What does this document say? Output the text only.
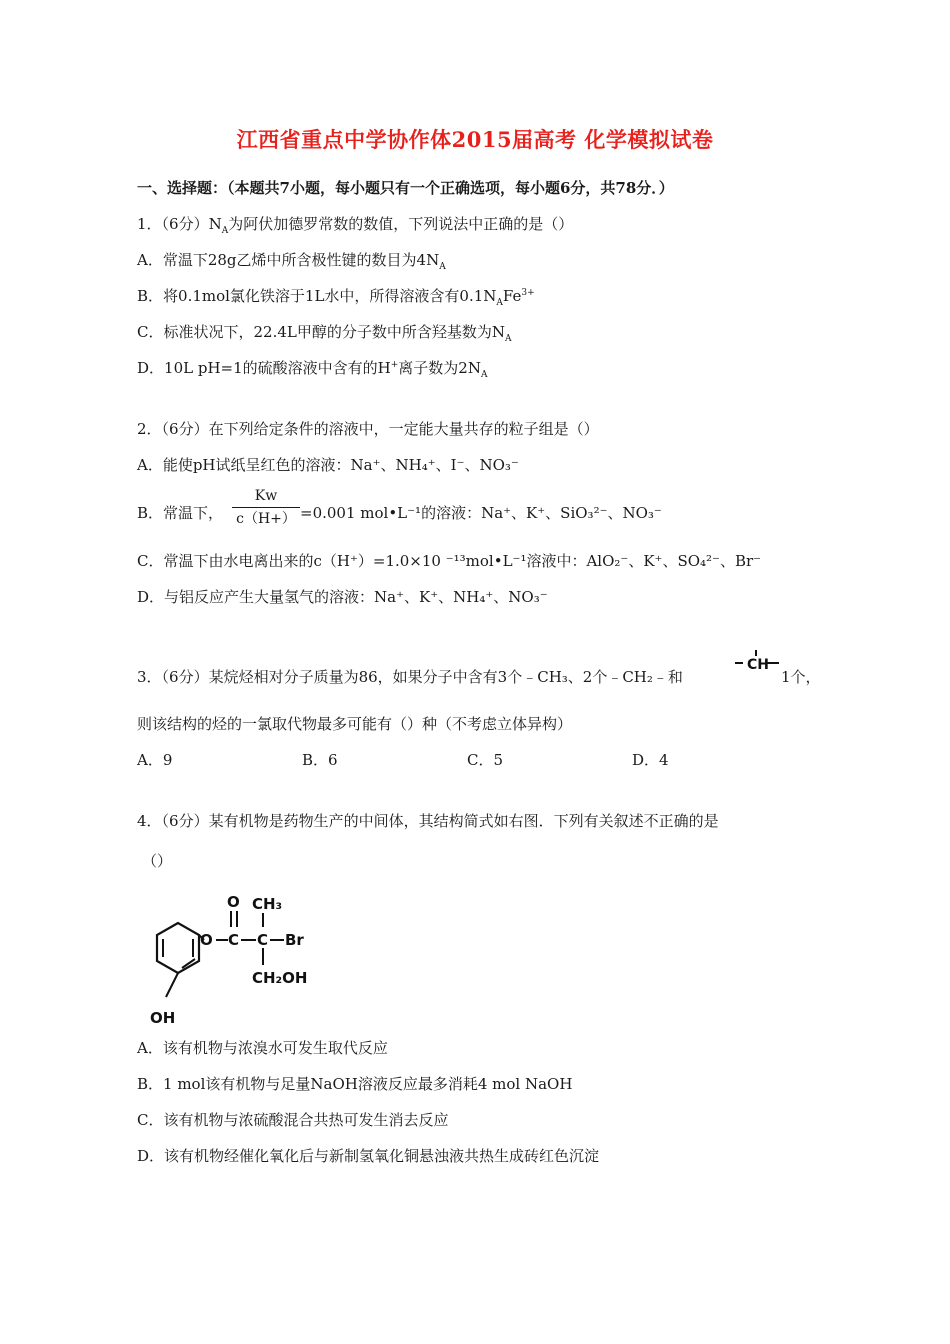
江西省重点中学协作体2015届高考 化学模拟试卷
一、选择题：（本题共7小题，每小题只有一个正确选项，每小题6分，共78分．）
1．（6分）$N_A$为阿伏加德罗常数的数值，下列说法中正确的是（）
A．常温下28g乙烯中所含极性键的数目为$4N_A$
B．将0.1mol氯化铁溶于1L水中，所得溶液含有$0.1N_AFe^{3+}$
C．标准状况下，22.4L甲醇的分子数中所含羟基数为$N_A$
D．10L pH=1的硫酸溶液中含有的H+离子数为$2N_A$
2．（6分）在下列给定条件的溶液中，一定能大量共存的粒子组是（）
A．能使pH试纸呈红色的溶液：Na⁺、NH₄⁺、I⁻、NO₃⁻
B．常温下，
Kw
c（H+） =0.001 mol•L⁻¹的溶液：Na⁺、K⁺、SiO₃²⁻、NO₃⁻
C．常温下由水电离出来的c（H⁺）=1.0×10 ⁻¹³mol•L⁻¹溶液中：AlO₂⁻、K⁺、SO₄²⁻、Br⁻
D．与铝反应产生大量氢气的溶液：Na⁺、K⁺、NH₄⁺、NO₃⁻
3．（6分）某烷烃相对分子质量为86，如果分子中含有3个﹣CH₃、2个﹣CH₂﹣和
CH
1个，
则该结构的烃的一氯取代物最多可能有（）种（不考虑立体异构）
A．9	B．6	C．5	D．4
4．（6分）某有机物是药物生产的中间体，其结构简式如右图．下列有关叙述不正确的是
（）
OH
O C
O
C
CH₃
Br
CH₂OH
A．该有机物与浓溴水可发生取代反应
B．1 mol该有机物与足量NaOH溶液反应最多消耗4 mol NaOH
C．该有机物与浓硫酸混合共热可发生消去反应
D．该有机物经催化氧化后与新制氢氧化铜悬浊液共热生成砖红色沉淀
